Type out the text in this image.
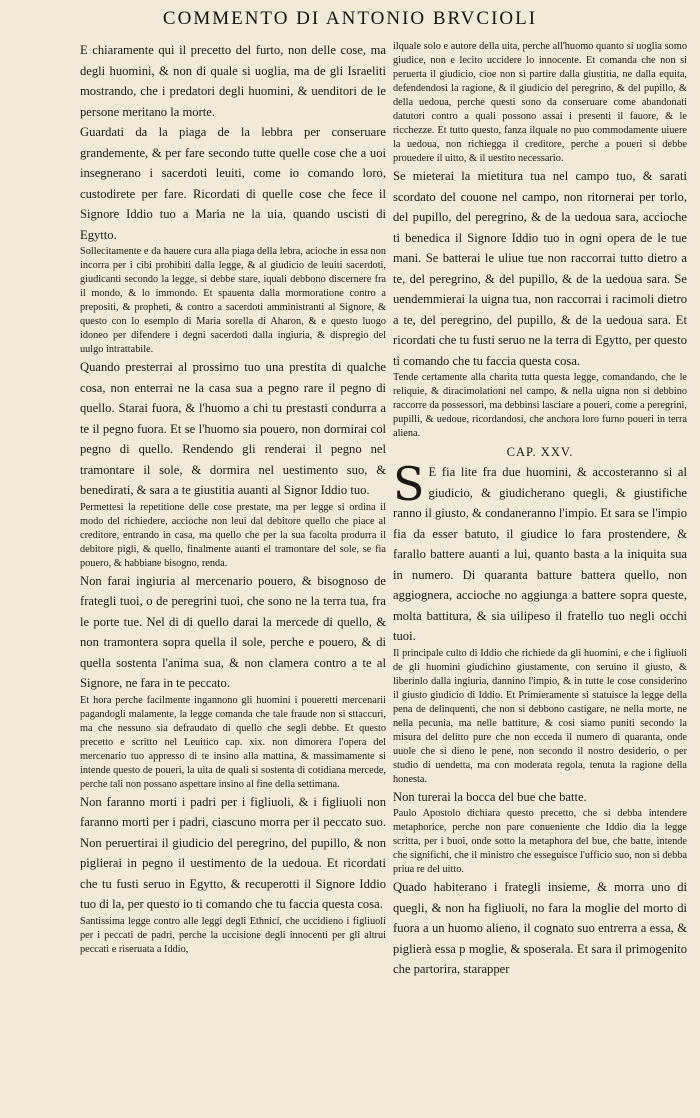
COMMENTO DI ANTONIO BRVCIOLI

E chiaramente qui il precetto del furto, non delle cose, ma degli huomini, & non di quale si uoglia, ma de gli Israeliti mostrando, che i predatori degli huomini, & uenditori de le persone meritano la morte.

Guardati da la piaga de la lebbra per conseruare grandemente, & per fare secondo tutte quelle cose che a uoi insegnerano i sacerdoti leuiti, come io comando loro, custodirete per fare. Ricordati di quelle cose che fece il Signore Iddio tuo a Maria ne la uia, quando uscisti di Egytto.

Sollecitamente e da hauere cura alla piaga della lebra, acioche in essa non incorra per i cibi prohibiti dalla legge, & al giudicio de leuiti sacerdoti, giudicanti secondo la legge, si debbe stare, iquali debbono discernere fra il mondo, & lo immondo. Et spauenta dalla mormoratione contro a prepositi, & propheti, & contro a sacerdoti amministranti al Signore, & questo con lo esemplo di Maria sorella di Aharon, & e questo luogo idoneo per difendere i degni sacerdoti dalla ingiuria, & dispregio del uulgo intrattabile.

Quando presterrai al prossimo tuo una prestita di qualche cosa, non enterrai ne la casa sua a pegno rare il pegno di quello. Starai fuora, & l'huomo a chi tu prestasti condurra a te il pegno fuora. Et se l'huomo sia pouero, non dormirai col pegno di quello. Rendendo gli renderai il pegno nel tramontare il sole, & dormira nel uestimento suo, & benedirati, & sara a te giustitia auanti al Signor Iddio tuo.

Permettesi la repetitione delle cose prestate, ma per legge si ordina il modo del richiedere, accioche non leui dal debitore quello che piace al creditore, entrando in casa, ma quello che per la sua facolta produrra il debitore pigli, & quello, finalmente auanti el tramontare del sole, se fia pouero, & habbiane bisogno, renda.

Non farai ingiuria al mercenario pouero, & bisognoso de frategli tuoi, o de peregrini tuoi, che sono ne la terra tua, fra le porte tue. Nel di di quello darai la mercede di quello, & non tramontera sopra quella il sole, perche e pouero, & di quella sostenta l'anima sua, & non clamera contro a te al Signore, ne fara in te peccato.

Et hora perche facilmente ingannono gli huomini i poueretti mercenarii pagandogli malamente, la legge comanda che tale fraude non si sttaccuri, ma che nessuno sia defraudato di quello che segli debbe. Et questo precetto e scritto nel Leuitico cap. xix. non dimorera l'opera del mercenario tuo appresso di te insino alla mattina, & massimamente si intende questo de poueri, la uita de quali si sostenta di cotidiana mercede, perche tali non possano aspettare insino al fine della settimana.

Non faranno morti i padri per i figliuoli, & i figliuoli non faranno morti per i padri, ciascuno morra per il peccato suo. Non peruertirai il giudicio del peregrino, del pupillo, & non piglierai in pegno il uestimento de la uedoua. Et ricordati che tu fusti seruo in Egytto, & recuperotti il Signore Iddio tuo di la, per questo io ti comando che tu faccia questa cosa.

Santissima legge contro alle leggi degli Ethnici, che uccidieno i figliuoli per i peccati de padri, perche la uccisione degli innocenti per gli altrui peccati e riseruata a Iddio,

ilquale solo e autore della uita, perche all'huomo quanto si uoglia somo giudice, non e lecito uccidere lo innocente. Et comanda che non si peruerta il giudicio, cioe non si partire dalla giustitia, ne dalla equita, defendendosi la ragione, & il giudicio del peregrino, & del pupillo, & della uedoua, perche questi sono da conseruare come abandonati datutori contro a quali possono assai i presenti il fauore, & le ricchezze. Et tutto questo, fanza ilquale no puo commodamente uiuere la uedoua, non richiegga il creditore, perche a poueri si debbe prouedere il uitto, & il uestito necessario.

Se mieterai la mietitura tua nel campo tuo, & sarati scordato del couone nel campo, non ritornerai per torlo, del pupillo, del peregrino, & de la uedoua sara, accioche ti benedica il Signore Iddio tuo in ogni opera de le tue mani. Se batterai le uliue tue non raccorrai tutto dietro a te, del peregrino, & del pupillo, & de la uedoua sara. Se uendemmierai la uigna tua, non raccorrai i racimoli dietro a te, del peregrino, del pupillo, & de la uedoua sara. Et ricordati che tu fusti seruo ne la terra di Egytto, per questo ti comando che tu faccia questa cosa.

Tende certamente alla charita tutta questa legge, comandando, che le reliquie, & diracimolationi nel campo, & nella uigna non si debbino raccorre da possessori, ma debbinsi lasciare a poueri, come a peregrini, pupilli, & uedoue, ricordandosi, che anchora loro furno poueri in terra aliena.

CAP. XXV.

S E fia lite fra due huomini, & accosteranno si al giudicio, & giudicherano quegli, & giustifiche ranno il giusto, & condaneranno l'impio. Et sara se l'impio fia da esser batuto, il giudice lo fara prostendere, & farallo battere auanti a lui, quanto basta a la iniquita sua in numero. Di quaranta batture battera quello, non aggiognera, accioche no aggiunga a battere sopra queste, molta battitura, & sia uilipeso il fratello tuo negli occhi tuoi.

Il principale culto di Iddio che richiede da gli huomini, e che i figliuoli de gli huomini giudichino giustamente, con seruino il giusto, & liberinlo dalla ingiuria, dannino l'impio, & in tutte le cose considerino il giusto giudicio di Iddio. Et Primieramente si statuisce la legge della pena de delinquenti, che non si debbono castigare, ne nella morte, ne nella pecunia, ma nelle battiture, & cosi siamo puniti secondo la misura del delitto pure che non ecceda il numero di quaranta, onde uuole che si dieno le pene, non secondo il nostro desiderio, o per studio di uendetta, ma con moderata regola, tenuta la ragione della honesta.

Non turerai la bocca del bue che batte.

Paulo Apostolo dichiara questo precetto, che si debba intendere metaphorice, perche non pare conueniente che Iddio dia la legge scritta, per i buoi, onde sotto la metaphora del bue, che batte, intende che significhi, che il ministro che esseguisce l'ufficio suo, non si debba priua re del uitto.

Quado habiterano i frategli insieme, & morra uno di quegli, & non ha figliuoli, no fara la moglie del morto di fuora a un huomo alieno, il cognato suo entrerra a essa, & piglierà essa p moglie, & sposerala. Et sara il primogenito che partorira, starapper
